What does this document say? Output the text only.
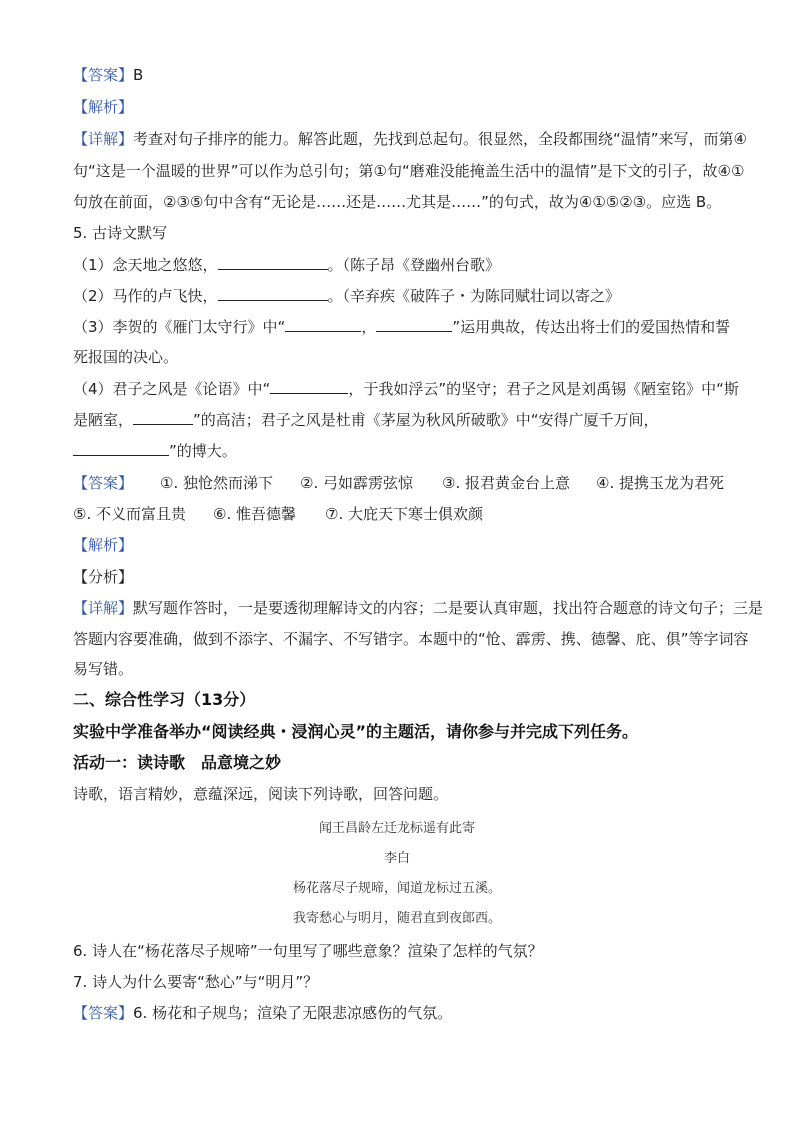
【答案】B
【解析】
【详解】考查对句子排序的能力。解答此题，先找到总起句。很显然，全段都围绕“温情”来写，而第④
句“这是一个温暖的世界”可以作为总引句；第①句“磨难没能掩盖生活中的温情”是下文的引子，故④①
句放在前面，②③⑤句中含有“无论是……还是……尤其是……”的句式，故为④①⑤②③。应选 B。
5. 古诗文默写
（1）念天地之悠悠，	。（陈子昂《登幽州台歌》
（2）马作的卢飞快，	。（辛弃疾《破阵子・为陈同赋壮词以寄之》
（3）李贺的《雁门太守行》中“	，	”运用典故，传达出将士们的爱国热情和誓
死报国的决心。
（4）君子之风是《论语》中“	，于我如浮云”的坚守；君子之风是刘禹锡《陋室铭》中“斯
是陋室，	”的高洁；君子之风是杜甫《茅屋为秋风所破歌》中“安得广厦千万间，
”的博大。
【答案】 ①. 独怆然而涕下 ②. 弓如霹雳弦惊 ③. 报君黄金台上意 ④. 提携玉龙为君死
⑤. 不义而富且贵 ⑥. 惟吾德馨 ⑦. 大庇天下寒士俱欢颜
【解析】
【分析】
【详解】默写题作答时，一是要透彻理解诗文的内容；二是要认真审题，找出符合题意的诗文句子；三是
答题内容要准确，做到不添字、不漏字、不写错字。本题中的“怆、霹雳、携、德馨、庇、俱”等字词容
易写错。
二、综合性学习（13分）
实验中学准备举办“阅读经典・浸润心灵”的主题活，请你参与并完成下列任务。
活动一：读诗歌　品意境之妙
诗歌，语言精妙，意蕴深远，阅读下列诗歌，回答问题。
闻王昌龄左迁龙标遥有此寄
李白
杨花落尽子规啼，闻道龙标过五溪。
我寄愁心与明月，随君直到夜郎西。
6. 诗人在“杨花落尽子规啼”一句里写了哪些意象？渲染了怎样的气氛？
7. 诗人为什么要寄“愁心”与“明月”？
【答案】6. 杨花和子规鸟；渲染了无限悲凉感伤的气氛。
